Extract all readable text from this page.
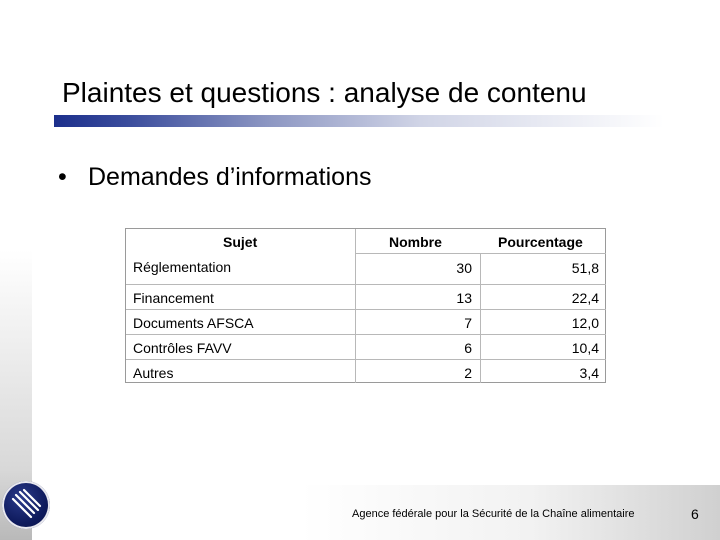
Plaintes et questions : analyse de contenu
• Demandes d’informations
Sujet	Nombre	Pourcentage
Réglementation	30	51,8
Financement	13	22,4
Documents AFSCA	7	12,0
Contrôles FAVV	6	10,4
Autres	2	3,4
Agence fédérale pour la Sécurité de la Chaîne alimentaire	6
